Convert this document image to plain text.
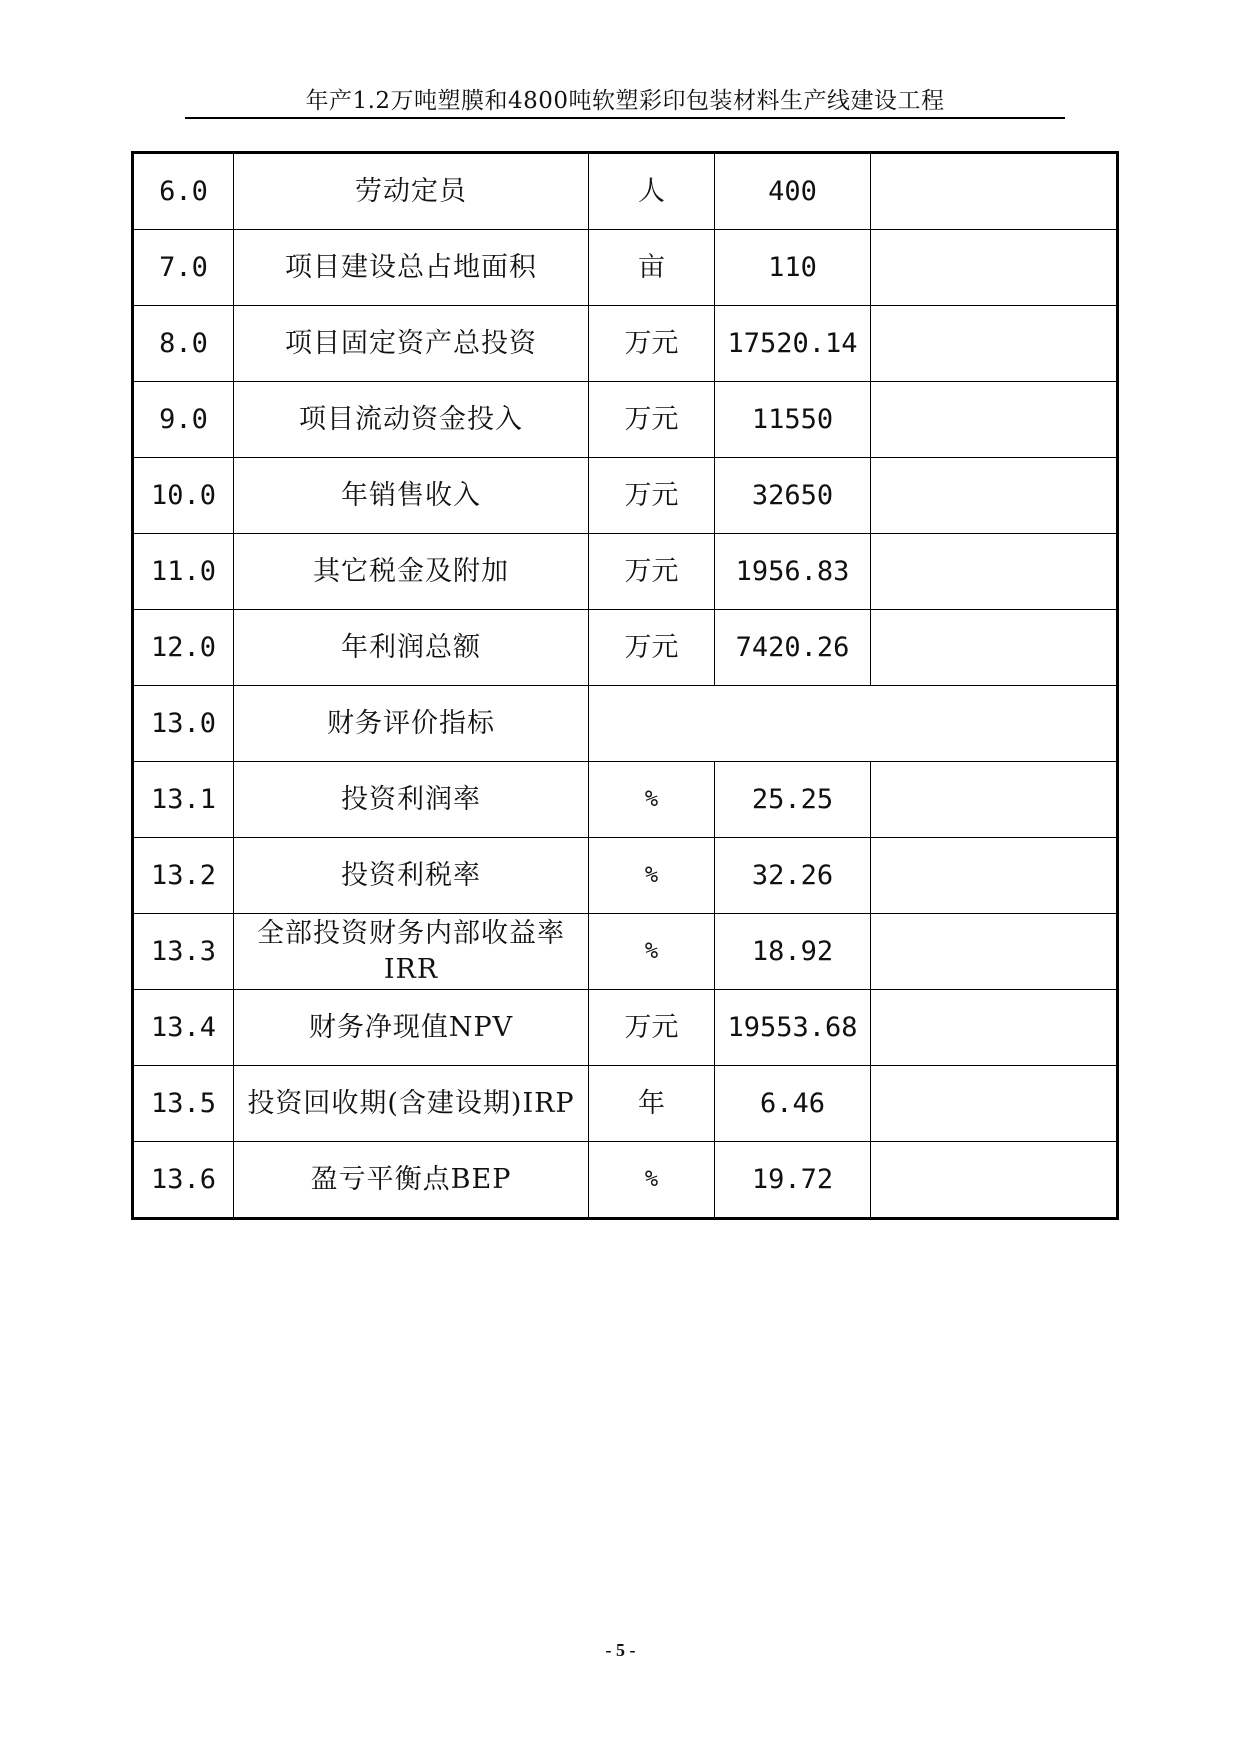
年产1.2万吨塑膜和4800吨软塑彩印包装材料生产线建设工程
6.0	劳动定员	人	400	
7.0	项目建设总占地面积	亩	110	
8.0	项目固定资产总投资	万元	17520.14	
9.0	项目流动资金投入	万元	11550	
10.0	年销售收入	万元	32650	
11.0	其它税金及附加	万元	1956.83	
12.0	年利润总额	万元	7420.26	
13.0	财务评价指标			
13.1	投资利润率	%	25.25	
13.2	投资利税率	%	32.26	
13.3	全部投资财务内部收益率IRR	%	18.92	
13.4	财务净现值NPV	万元	19553.68	
13.5	投资回收期(含建设期)IRP	年	6.46	
13.6	盈亏平衡点BEP	%	19.72	
- 5 -
